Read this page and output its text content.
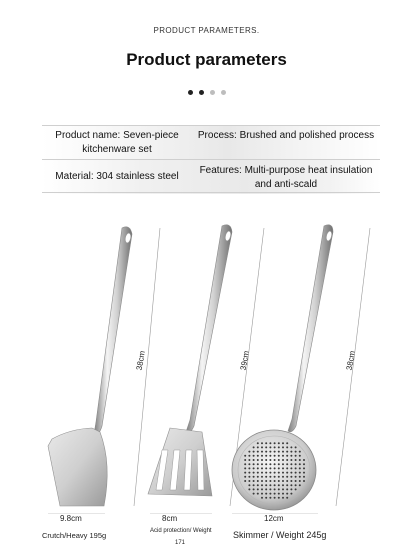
PRODUCT PARAMETERS.
Product parameters
Product name: Seven-piece kitchenware set
Process: Brushed and polished process
Material: 304 stainless steel
Features: Multi-purpose heat insulation and anti-scald
38cm	39cm	38cm
9.8cm	8cm	12cm
Crutch/Heavy 195g	Acid protection/ Weight
171
Skimmer / Weight 245g
